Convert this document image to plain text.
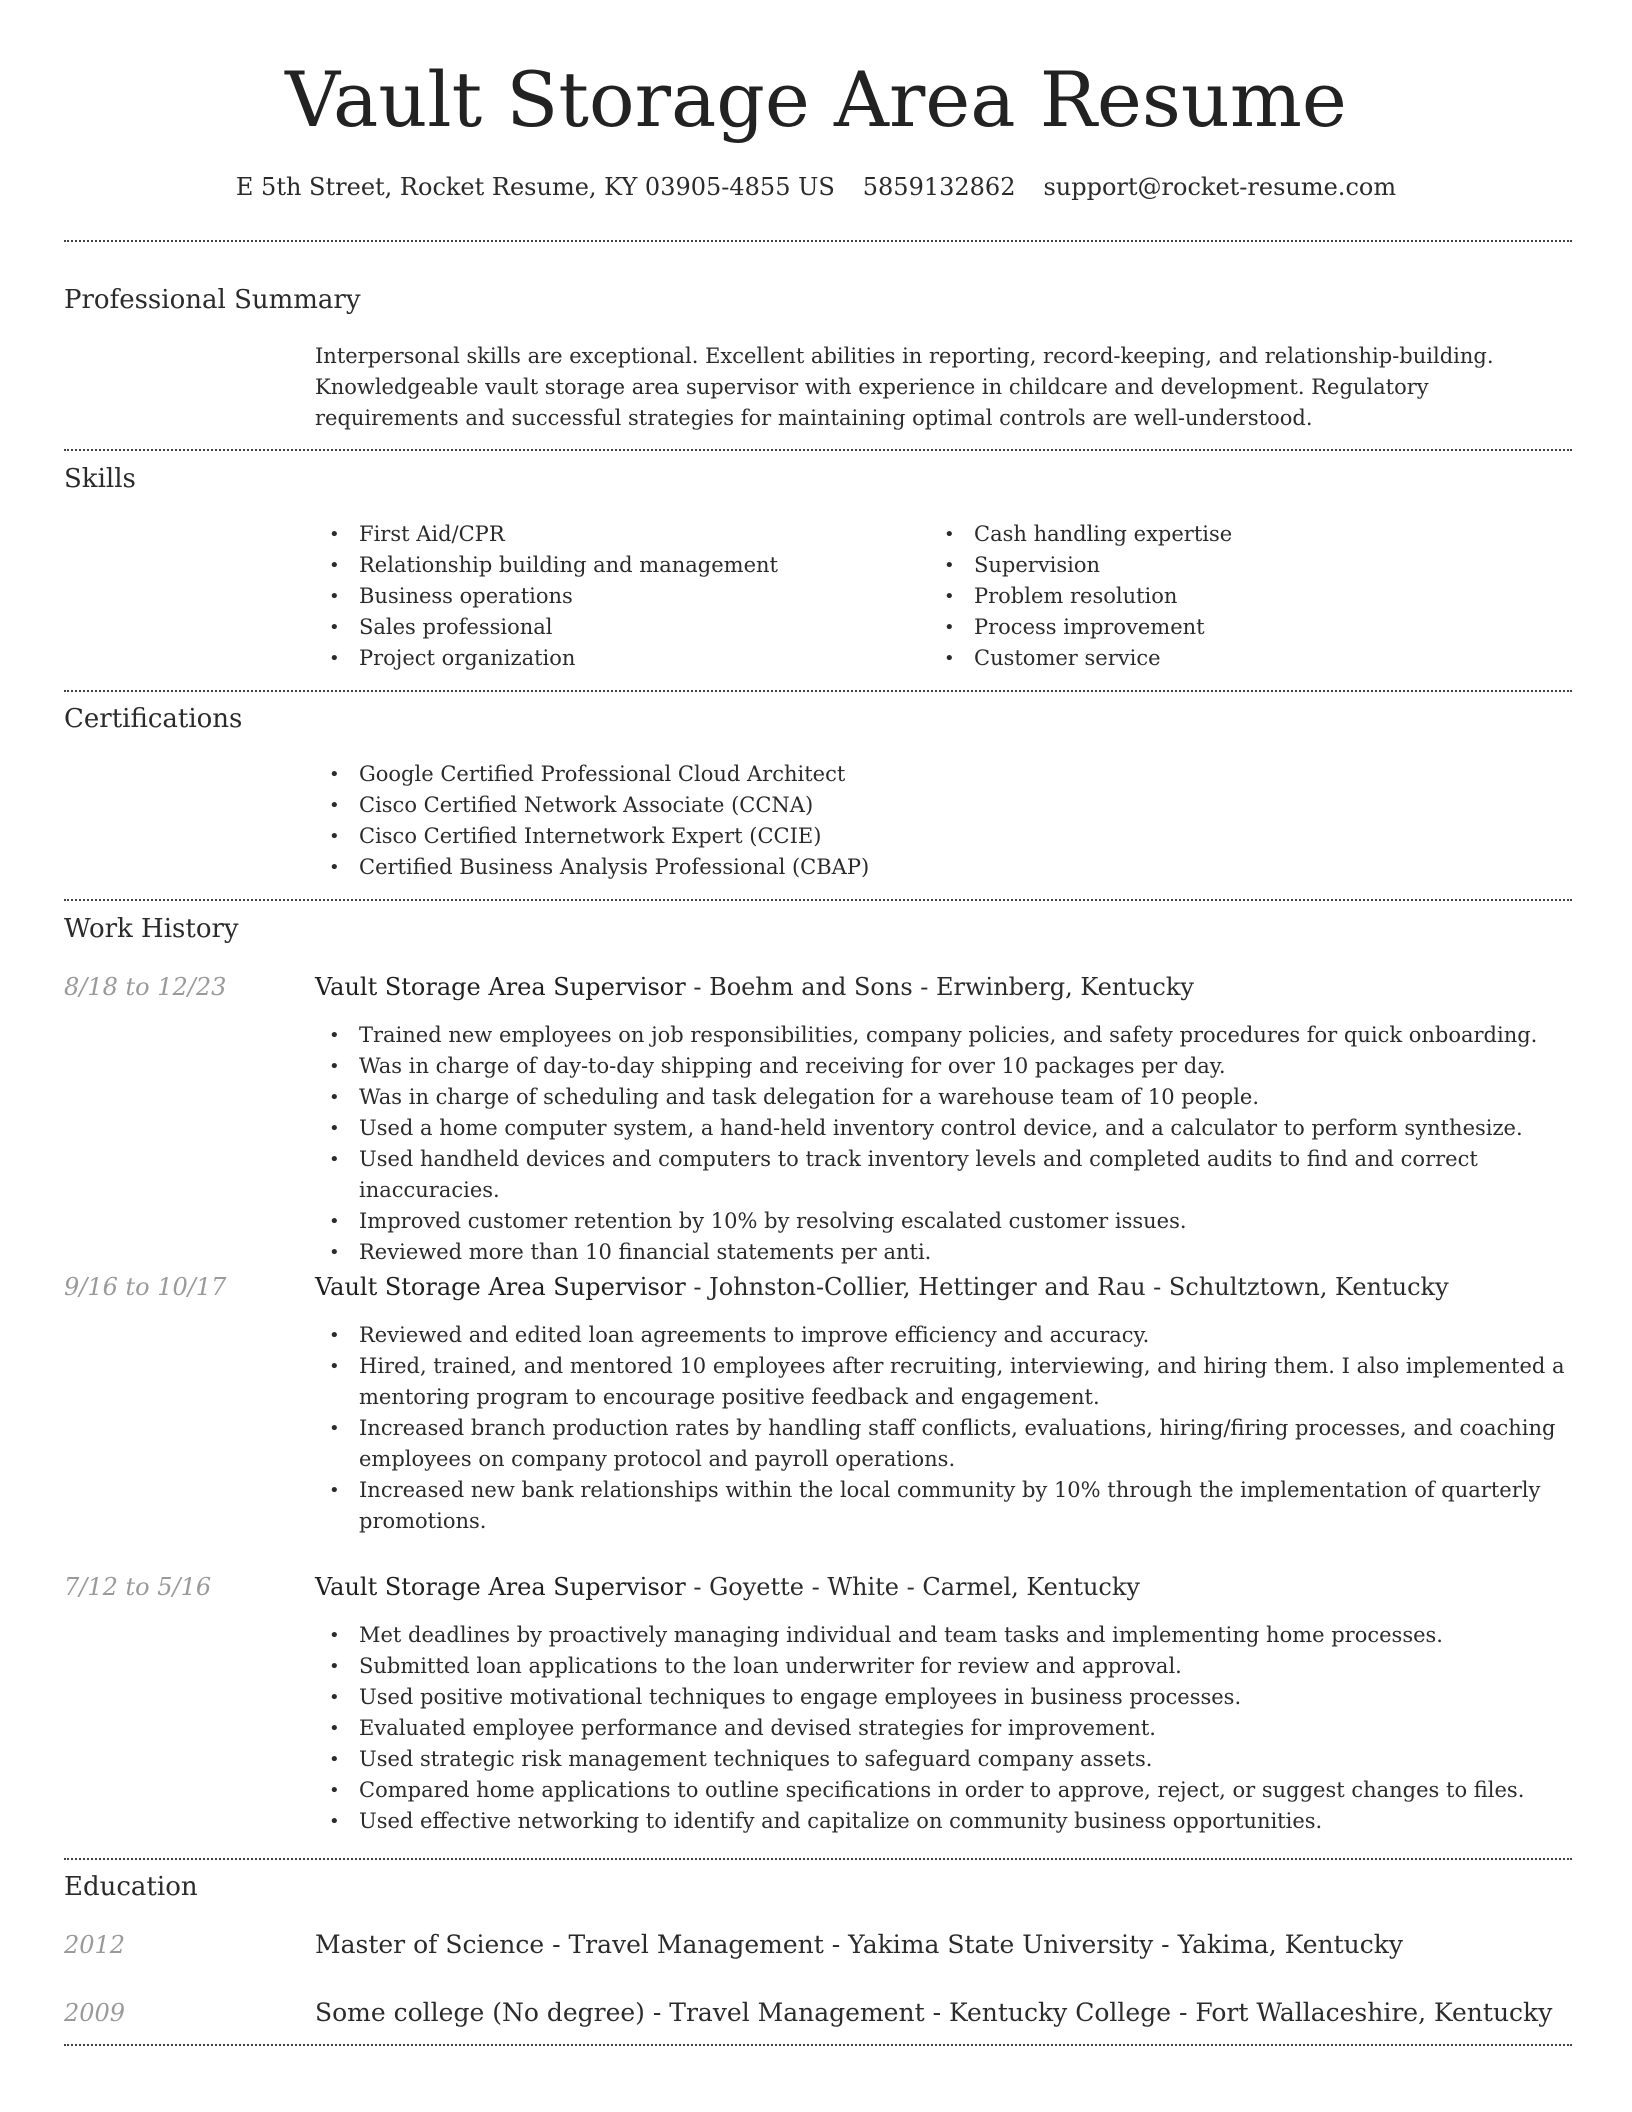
Vault Storage Area Resume
E 5th Street, Rocket Resume, KY 03905-4855 US 5859132862 support@rocket-resume.com
Professional Summary
Interpersonal skills are exceptional. Excellent abilities in reporting, record-keeping, and relationship-building. Knowledgeable vault storage area supervisor with experience in childcare and development. Regulatory requirements and successful strategies for maintaining optimal controls are well-understood.
Skills
• First Aid/CPR
• Relationship building and management
• Business operations
• Sales professional
• Project organization
• Cash handling expertise
• Supervision
• Problem resolution
• Process improvement
• Customer service
Certifications
• Google Certified Professional Cloud Architect
• Cisco Certified Network Associate (CCNA)
• Cisco Certified Internetwork Expert (CCIE)
• Certified Business Analysis Professional (CBAP)
Work History
8/18 to 12/23	Vault Storage Area Supervisor - Boehm and Sons - Erwinberg, Kentucky
• Trained new employees on job responsibilities, company policies, and safety procedures for quick onboarding.
• Was in charge of day-to-day shipping and receiving for over 10 packages per day.
• Was in charge of scheduling and task delegation for a warehouse team of 10 people.
• Used a home computer system, a hand-held inventory control device, and a calculator to perform synthesize.
• Used handheld devices and computers to track inventory levels and completed audits to find and correct inaccuracies.
• Improved customer retention by 10% by resolving escalated customer issues.
• Reviewed more than 10 financial statements per anti.
9/16 to 10/17	Vault Storage Area Supervisor - Johnston-Collier, Hettinger and Rau - Schultztown, Kentucky
• Reviewed and edited loan agreements to improve efficiency and accuracy.
• Hired, trained, and mentored 10 employees after recruiting, interviewing, and hiring them. I also implemented a mentoring program to encourage positive feedback and engagement.
• Increased branch production rates by handling staff conflicts, evaluations, hiring/firing processes, and coaching employees on company protocol and payroll operations.
• Increased new bank relationships within the local community by 10% through the implementation of quarterly promotions.
7/12 to 5/16	Vault Storage Area Supervisor - Goyette - White - Carmel, Kentucky
• Met deadlines by proactively managing individual and team tasks and implementing home processes.
• Submitted loan applications to the loan underwriter for review and approval.
• Used positive motivational techniques to engage employees in business processes.
• Evaluated employee performance and devised strategies for improvement.
• Used strategic risk management techniques to safeguard company assets.
• Compared home applications to outline specifications in order to approve, reject, or suggest changes to files.
• Used effective networking to identify and capitalize on community business opportunities.
Education
2012	Master of Science - Travel Management - Yakima State University - Yakima, Kentucky
2009	Some college (No degree) - Travel Management - Kentucky College - Fort Wallaceshire, Kentucky
